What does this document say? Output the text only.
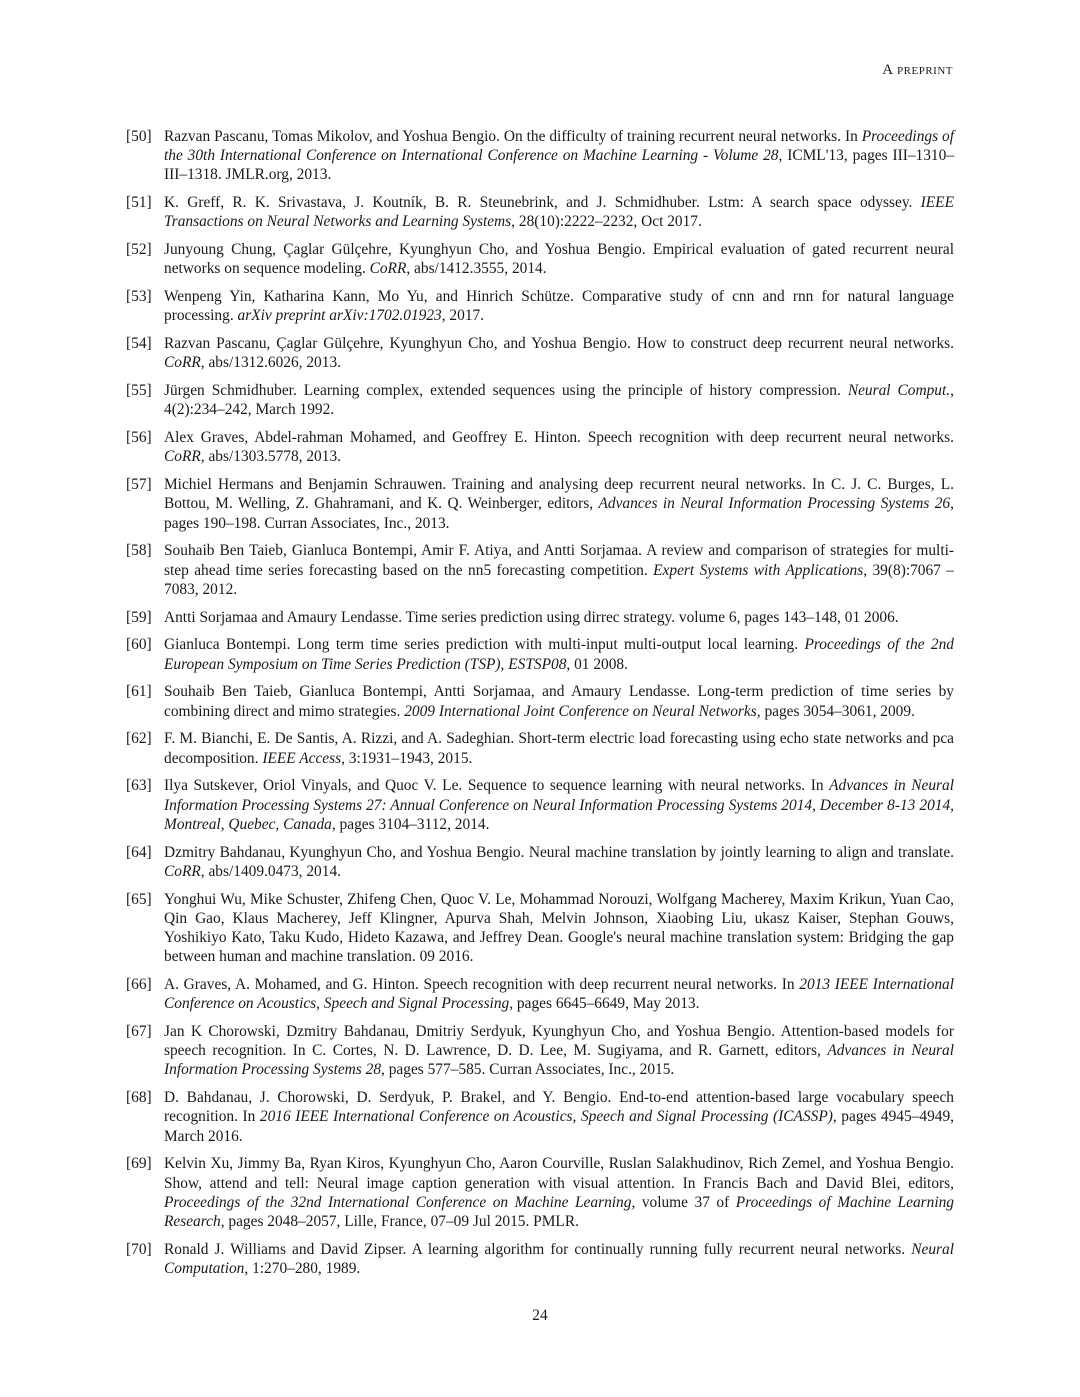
A preprint
[50] Razvan Pascanu, Tomas Mikolov, and Yoshua Bengio. On the difficulty of training recurrent neural networks. In Proceedings of the 30th International Conference on International Conference on Machine Learning - Volume 28, ICML'13, pages III–1310–III–1318. JMLR.org, 2013.
[51] K. Greff, R. K. Srivastava, J. Koutník, B. R. Steunebrink, and J. Schmidhuber. Lstm: A search space odyssey. IEEE Transactions on Neural Networks and Learning Systems, 28(10):2222–2232, Oct 2017.
[52] Junyoung Chung, Çaglar Gülçehre, Kyunghyun Cho, and Yoshua Bengio. Empirical evaluation of gated recurrent neural networks on sequence modeling. CoRR, abs/1412.3555, 2014.
[53] Wenpeng Yin, Katharina Kann, Mo Yu, and Hinrich Schütze. Comparative study of cnn and rnn for natural language processing. arXiv preprint arXiv:1702.01923, 2017.
[54] Razvan Pascanu, Çaglar Gülçehre, Kyunghyun Cho, and Yoshua Bengio. How to construct deep recurrent neural networks. CoRR, abs/1312.6026, 2013.
[55] Jürgen Schmidhuber. Learning complex, extended sequences using the principle of history compression. Neural Comput., 4(2):234–242, March 1992.
[56] Alex Graves, Abdel-rahman Mohamed, and Geoffrey E. Hinton. Speech recognition with deep recurrent neural networks. CoRR, abs/1303.5778, 2013.
[57] Michiel Hermans and Benjamin Schrauwen. Training and analysing deep recurrent neural networks. In C. J. C. Burges, L. Bottou, M. Welling, Z. Ghahramani, and K. Q. Weinberger, editors, Advances in Neural Information Processing Systems 26, pages 190–198. Curran Associates, Inc., 2013.
[58] Souhaib Ben Taieb, Gianluca Bontempi, Amir F. Atiya, and Antti Sorjamaa. A review and comparison of strategies for multi-step ahead time series forecasting based on the nn5 forecasting competition. Expert Systems with Applications, 39(8):7067 – 7083, 2012.
[59] Antti Sorjamaa and Amaury Lendasse. Time series prediction using dirrec strategy. volume 6, pages 143–148, 01 2006.
[60] Gianluca Bontempi. Long term time series prediction with multi-input multi-output local learning. Proceedings of the 2nd European Symposium on Time Series Prediction (TSP), ESTSP08, 01 2008.
[61] Souhaib Ben Taieb, Gianluca Bontempi, Antti Sorjamaa, and Amaury Lendasse. Long-term prediction of time series by combining direct and mimo strategies. 2009 International Joint Conference on Neural Networks, pages 3054–3061, 2009.
[62] F. M. Bianchi, E. De Santis, A. Rizzi, and A. Sadeghian. Short-term electric load forecasting using echo state networks and pca decomposition. IEEE Access, 3:1931–1943, 2015.
[63] Ilya Sutskever, Oriol Vinyals, and Quoc V. Le. Sequence to sequence learning with neural networks. In Advances in Neural Information Processing Systems 27: Annual Conference on Neural Information Processing Systems 2014, December 8-13 2014, Montreal, Quebec, Canada, pages 3104–3112, 2014.
[64] Dzmitry Bahdanau, Kyunghyun Cho, and Yoshua Bengio. Neural machine translation by jointly learning to align and translate. CoRR, abs/1409.0473, 2014.
[65] Yonghui Wu, Mike Schuster, Zhifeng Chen, Quoc V. Le, Mohammad Norouzi, Wolfgang Macherey, Maxim Krikun, Yuan Cao, Qin Gao, Klaus Macherey, Jeff Klingner, Apurva Shah, Melvin Johnson, Xiaobing Liu, ukasz Kaiser, Stephan Gouws, Yoshikiyo Kato, Taku Kudo, Hideto Kazawa, and Jeffrey Dean. Google's neural machine translation system: Bridging the gap between human and machine translation. 09 2016.
[66] A. Graves, A. Mohamed, and G. Hinton. Speech recognition with deep recurrent neural networks. In 2013 IEEE International Conference on Acoustics, Speech and Signal Processing, pages 6645–6649, May 2013.
[67] Jan K Chorowski, Dzmitry Bahdanau, Dmitriy Serdyuk, Kyunghyun Cho, and Yoshua Bengio. Attention-based models for speech recognition. In C. Cortes, N. D. Lawrence, D. D. Lee, M. Sugiyama, and R. Garnett, editors, Advances in Neural Information Processing Systems 28, pages 577–585. Curran Associates, Inc., 2015.
[68] D. Bahdanau, J. Chorowski, D. Serdyuk, P. Brakel, and Y. Bengio. End-to-end attention-based large vocabulary speech recognition. In 2016 IEEE International Conference on Acoustics, Speech and Signal Processing (ICASSP), pages 4945–4949, March 2016.
[69] Kelvin Xu, Jimmy Ba, Ryan Kiros, Kyunghyun Cho, Aaron Courville, Ruslan Salakhudinov, Rich Zemel, and Yoshua Bengio. Show, attend and tell: Neural image caption generation with visual attention. In Francis Bach and David Blei, editors, Proceedings of the 32nd International Conference on Machine Learning, volume 37 of Proceedings of Machine Learning Research, pages 2048–2057, Lille, France, 07–09 Jul 2015. PMLR.
[70] Ronald J. Williams and David Zipser. A learning algorithm for continually running fully recurrent neural networks. Neural Computation, 1:270–280, 1989.
24
